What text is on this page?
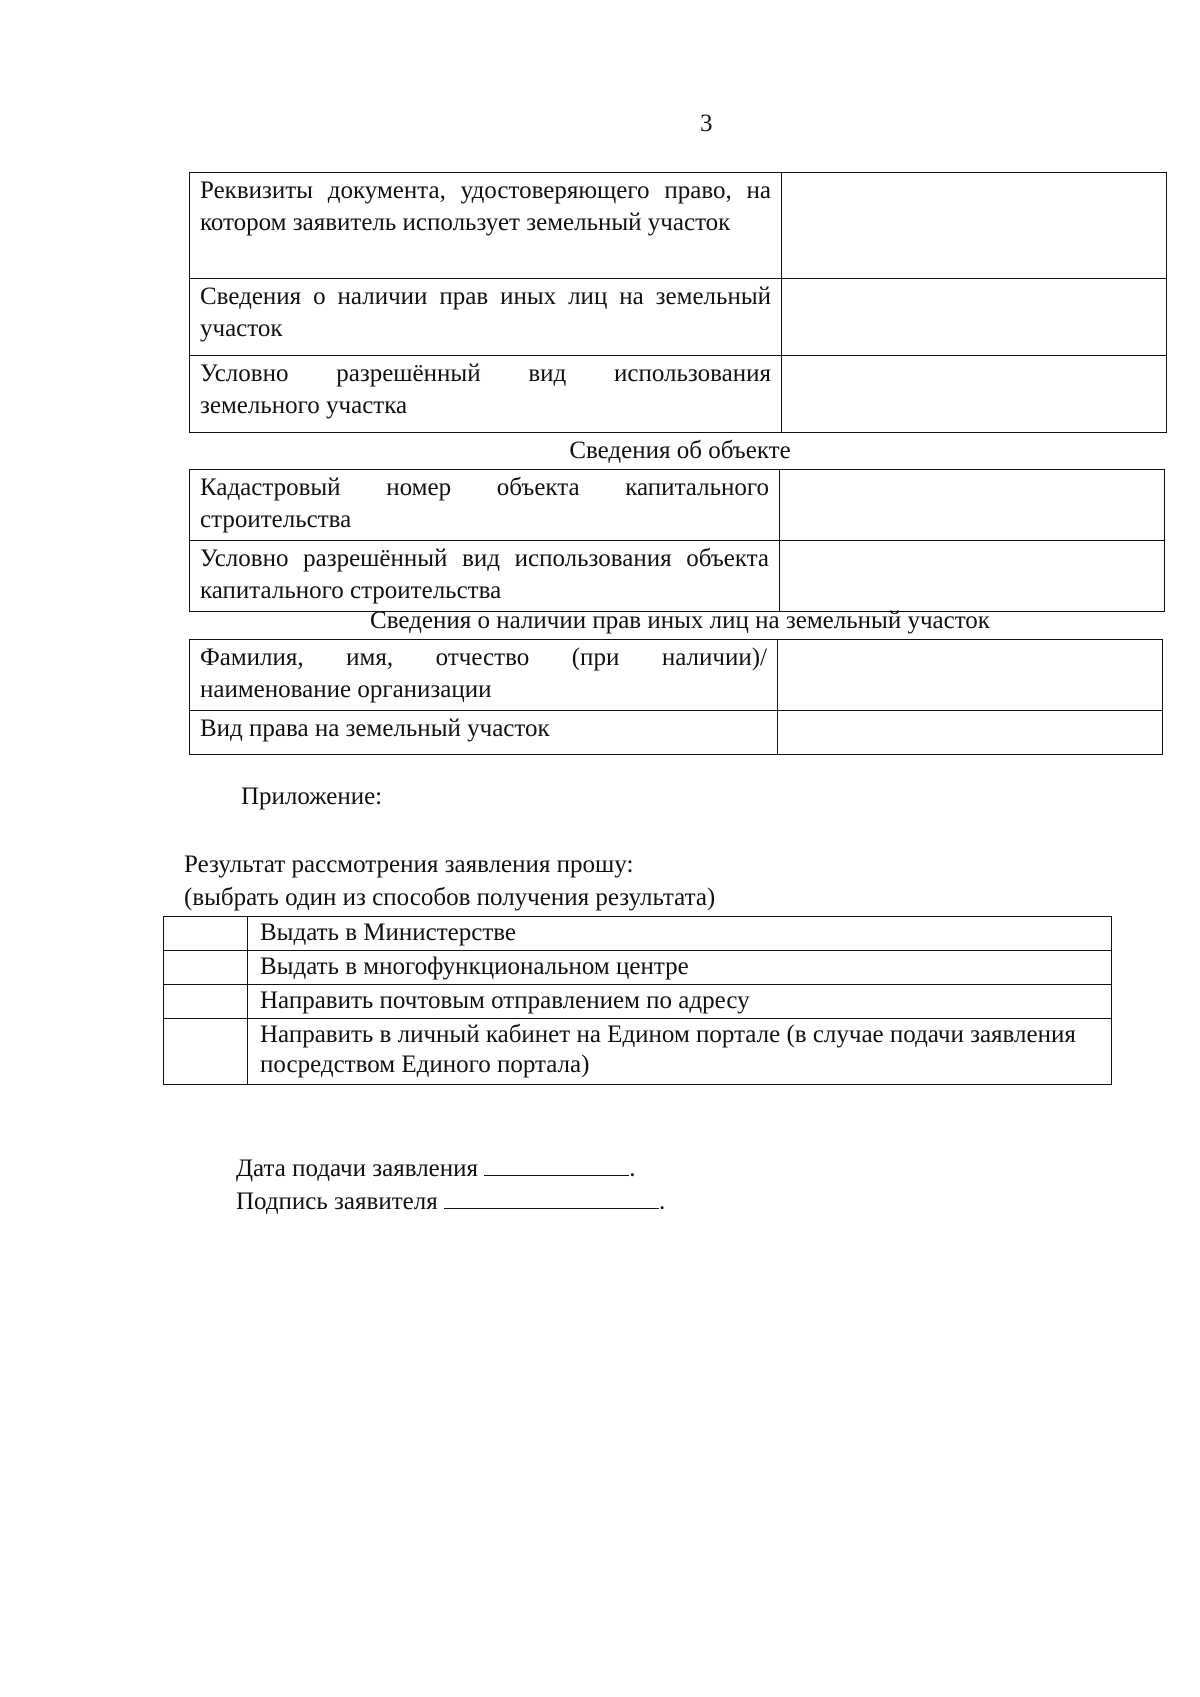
3
Реквизиты документа, удостоверяющего право, на котором заявитель использует земельный участок	
Сведения о наличии прав иных лиц на земельный участок	
Условно разрешённый вид использования земельного участка	
Сведения об объекте
Кадастровый номер объекта капитального строительства	
Условно разрешённый вид использования объекта капитального строительства	
Сведения о наличии прав иных лиц на земельный участок
Фамилия, имя, отчество (при наличии)/наименование организации	
Вид права на земельный участок	
Приложение:
Результат рассмотрения заявления прошу:
(выбрать один из способов получения результата)
	Выдать в Министерстве
	Выдать в многофункциональном центре
	Направить почтовым отправлением по адресу
	Направить в личный кабинет на Едином портале (в случае подачи заявления посредством Единого портала)
Дата подачи заявления	.
Подпись заявителя	.
